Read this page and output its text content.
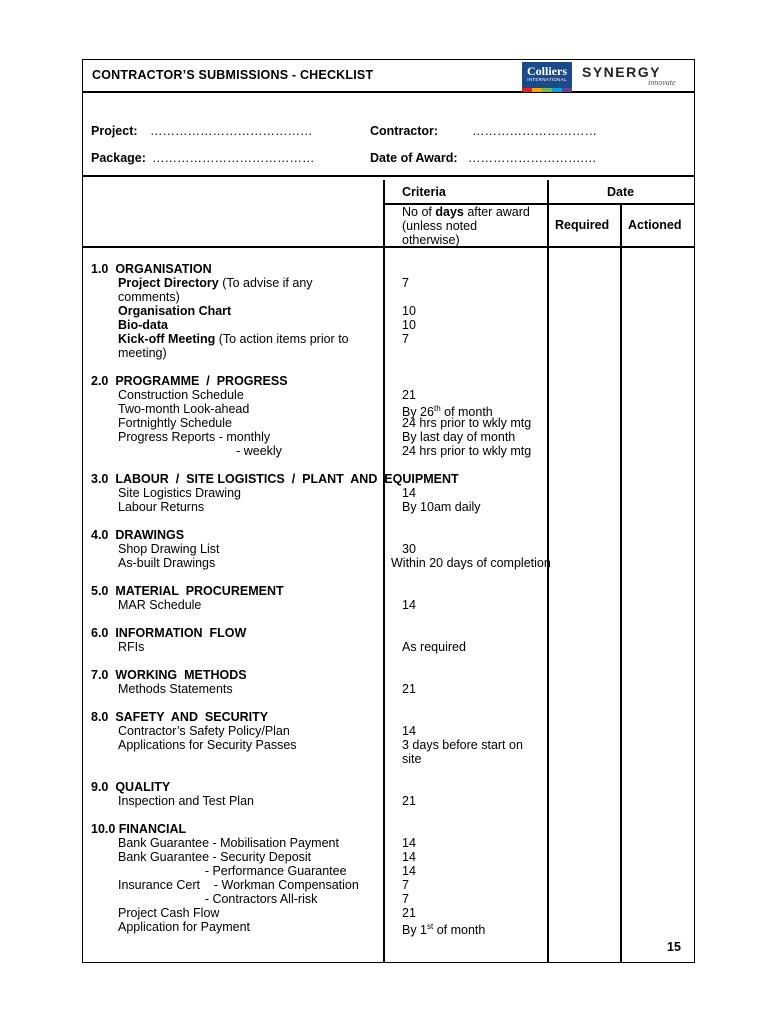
CONTRACTOR’S SUBMISSIONS - CHECKLIST	Colliers
INTERNATIONAL	SYNERGY
innovate
Project: …………………………………	Contractor:	…………………………
Package: …………………………………	Date of Award: ……………………….…
Criteria	Date
No of days after award
(unless noted
otherwise)
Required Actioned
1.0  ORGANISATION
Project Directory (To advise if any	7
comments)
Organisation Chart	10
Bio-data	10
Kick-off Meeting (To action items prior to	7
meeting)
2.0  PROGRAMME  /  PROGRESS
Construction Schedule	21
Two-month Look-ahead	By 26th of month
Fortnightly Schedule	24 hrs prior to wkly mtg
Progress Reports - monthly	By last day of month
- weekly	24 hrs prior to wkly mtg
3.0  LABOUR  /  SITE LOGISTICS  /  PLANT  AND  EQUIPMENT
Site Logistics Drawing	14
Labour Returns	By 10am daily
4.0  DRAWINGS
Shop Drawing List	30
As-built Drawings	Within 20 days of completion
5.0  MATERIAL  PROCUREMENT
MAR Schedule	14
6.0  INFORMATION  FLOW
RFIs	As required
7.0  WORKING  METHODS
Methods Statements	21
8.0  SAFETY  AND  SECURITY
Contractor’s Safety Policy/Plan	14
Applications for Security Passes	3 days before start on
site
9.0  QUALITY
Inspection and Test Plan	21
10.0 FINANCIAL
Bank Guarantee - Mobilisation Payment	14
Bank Guarantee - Security Deposit	14
- Performance Guarantee	14
Insurance Cert    - Workman Compensation	7
- Contractors All-risk	7
Project Cash Flow	21
Application for Payment	By 1st of month
15
